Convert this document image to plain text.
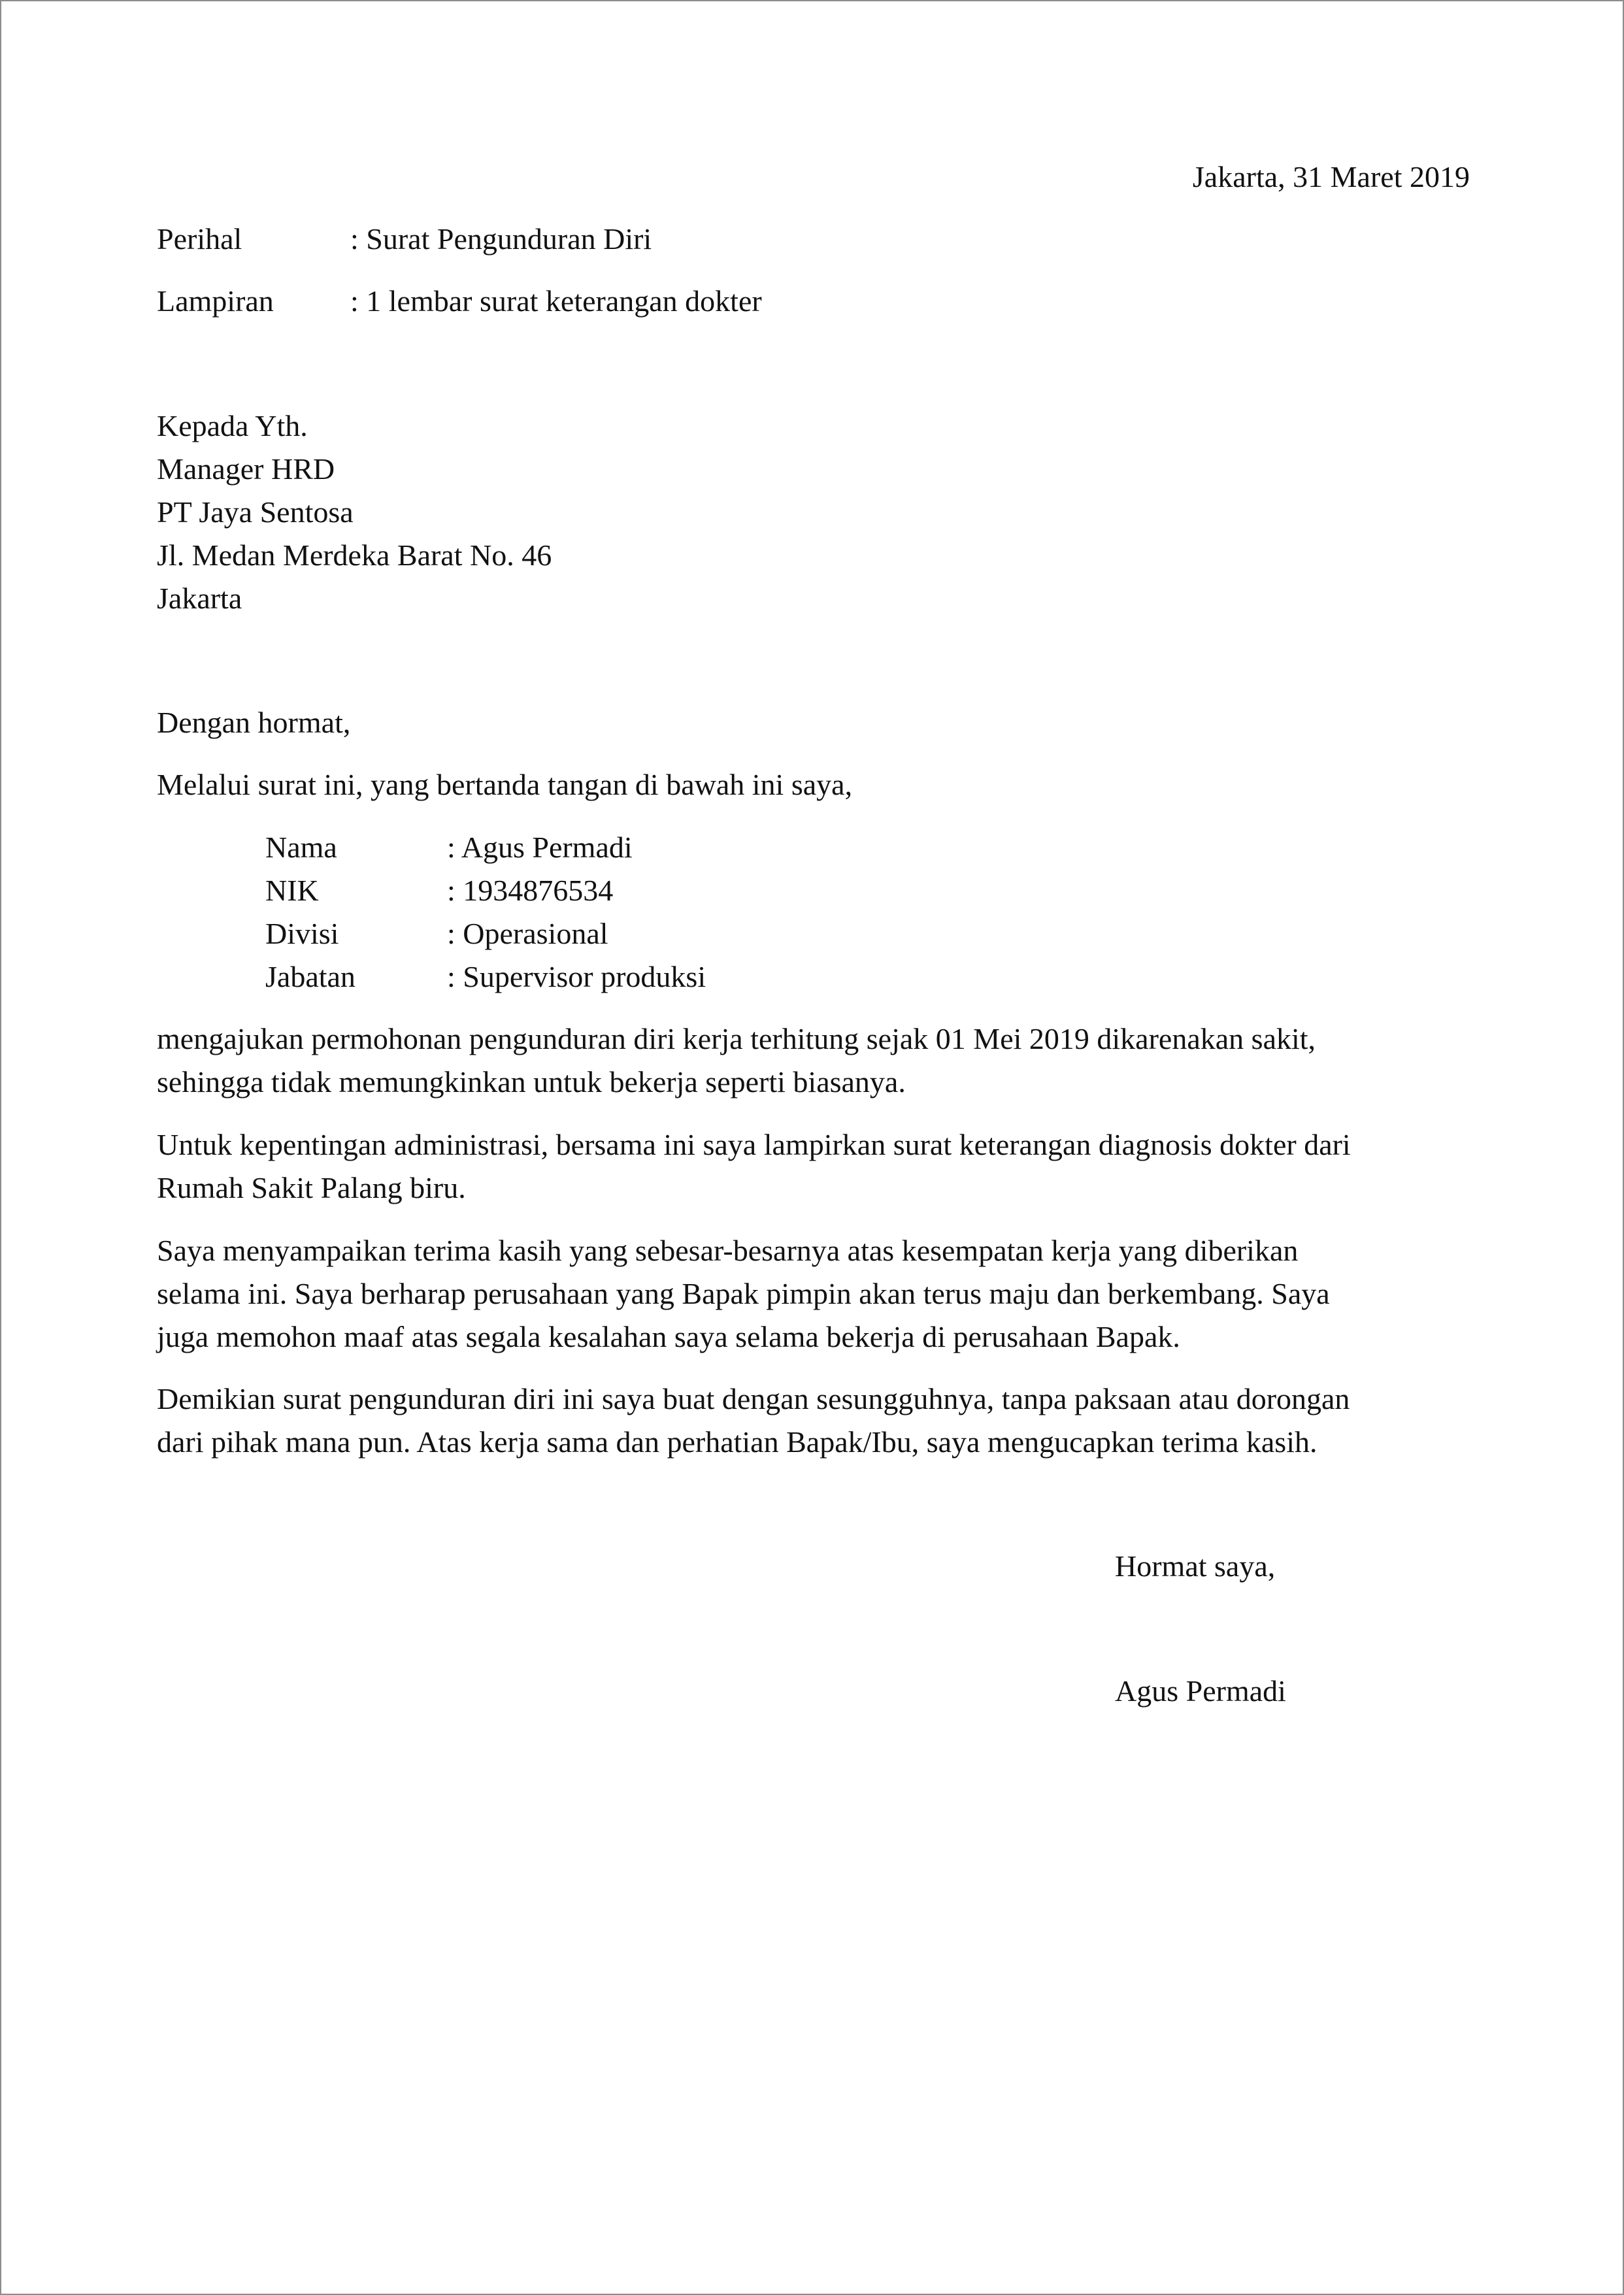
Jakarta, 31 Maret 2019
Perihal	: Surat Pengunduran Diri
Lampiran	: 1 lembar surat keterangan dokter
Kepada Yth.
Manager HRD
PT Jaya Sentosa
Jl. Medan Merdeka Barat No. 46
Jakarta
Dengan hormat,
Melalui surat ini, yang bertanda tangan di bawah ini saya,
Nama	: Agus Permadi
NIK	: 1934876534
Divisi	: Operasional
Jabatan	: Supervisor produksi
mengajukan permohonan pengunduran diri kerja terhitung sejak 01 Mei 2019 dikarenakan sakit,
sehingga tidak memungkinkan untuk bekerja seperti biasanya.
Untuk kepentingan administrasi, bersama ini saya lampirkan surat keterangan diagnosis dokter dari
Rumah Sakit Palang biru.
Saya menyampaikan terima kasih yang sebesar-besarnya atas kesempatan kerja yang diberikan
selama ini. Saya berharap perusahaan yang Bapak pimpin akan terus maju dan berkembang. Saya
juga memohon maaf atas segala kesalahan saya selama bekerja di perusahaan Bapak.
Demikian surat pengunduran diri ini saya buat dengan sesungguhnya, tanpa paksaan atau dorongan
dari pihak mana pun. Atas kerja sama dan perhatian Bapak/Ibu, saya mengucapkan terima kasih.
Hormat saya,
Agus Permadi
